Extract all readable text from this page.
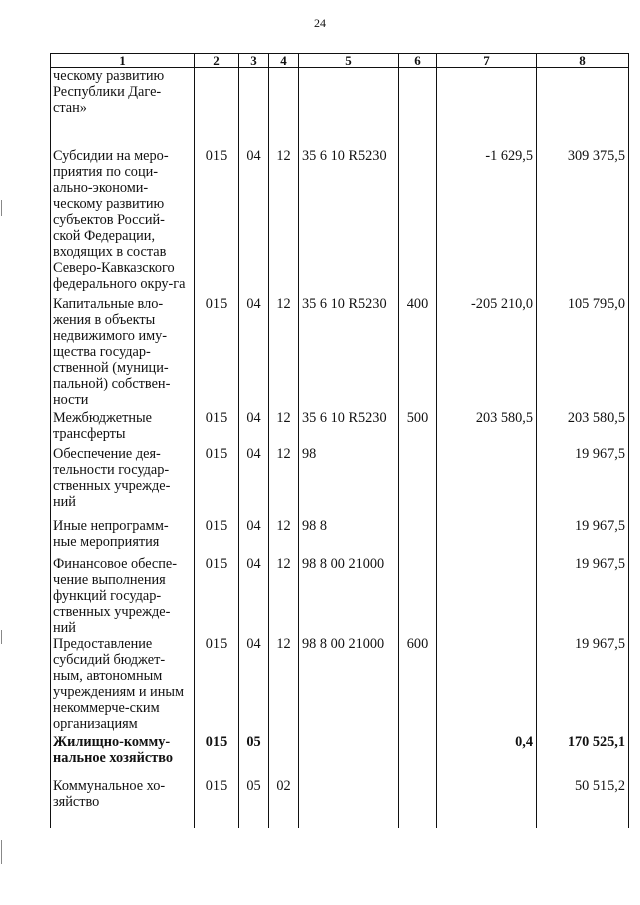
24
1	2	3	4	5	6	7	8
ческому развитию Республики Даге-стан»							
Субсидии на меро-приятия по соци-ально-экономи-ческому развитию субъектов Россий-ской Федерации, входящих в состав Северо-Кавказского федерального окру-га	015	04	12	35 6 10 R5230		-1 629,5	309 375,5
Капитальные вло-жения в объекты недвижимого иму-щества государ-ственной (муници-пальной) собствен-ности	015	04	12	35 6 10 R5230	400	-205 210,0	105 795,0
Межбюджетные трансферты	015	04	12	35 6 10 R5230	500	203 580,5	203 580,5
Обеспечение дея-тельности государ-ственных учрежде-ний	015	04	12	98			19 967,5
Иные непрограмм-ные мероприятия	015	04	12	98 8			19 967,5
Финансовое обеспе-чение выполнения функций государ-ственных учрежде-ний	015	04	12	98 8 00 21000			19 967,5
Предоставление субсидий бюджет-ным, автономным учреждениям и иным некоммерче-ским организациям	015	04	12	98 8 00 21000	600		19 967,5
Жилищно-комму-нальное хозяйство	015	05				0,4	170 525,1
Коммунальное хо-зяйство	015	05	02				50 515,2
